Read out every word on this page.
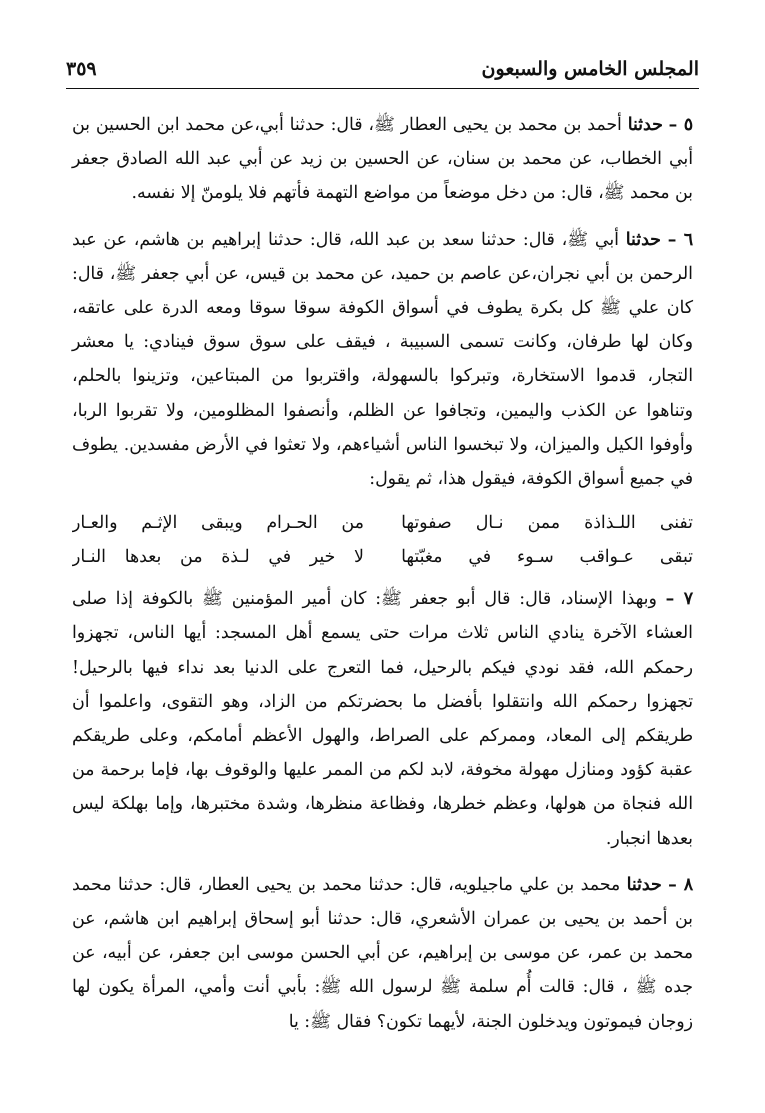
المجلس الخامس والسبعون
٣٥٩

٥ – حدثنا أحمد بن محمد بن يحيى العطار ﷺ، قال: حدثنا أبي،عن محمد ابن الحسين بن أبي الخطاب، عن محمد بن سنان، عن الحسين بن زيد عن أبي عبد الله الصادق جعفر بن محمد ﷺ، قال: من دخل موضعاً من مواضع التهمة فأتهم فلا يلومنّ إلا نفسه.

٦ – حدثنا أبي ﷺ، قال: حدثنا سعد بن عبد الله، قال: حدثنا إبراهيم بن هاشم، عن عبد الرحمن بن أبي نجران،عن عاصم بن حميد، عن محمد بن قيس، عن أبي جعفر ﷺ، قال: كان علي ﷺ كل بكرة يطوف في أسواق الكوفة سوقا سوقا ومعه الدرة على عاتقه، وكان لها طرفان، وكانت تسمى السبيبة ، فيقف على سوق سوق فينادي: يا معشر التجار، قدموا الاستخارة، وتبركوا بالسهولة، واقتربوا من المبتاعين، وتزينوا بالحلم، وتناهوا عن الكذب واليمين، وتجافوا عن الظلم، وأنصفوا المظلومين، ولا تقربوا الربا، وأوفوا الكيل والميزان، ولا تبخسوا الناس أشياءهم، ولا تعثوا في الأرض مفسدين. يطوف في جميع أسواق الكوفة، فيقول هذا، ثم يقول:

تفنى اللـذاذة ممن نـال صفوتها
من الحـرام ويبقى الإثـم والعـار
تبقى عـواقب سـوء في مغبّتها
لا خير في لـذة من بعدها النـار

٧ – وبهذا الإسناد، قال: قال أبو جعفر ﷺ: كان أمير المؤمنين ﷺ بالكوفة إذا صلى العشاء الآخرة ينادي الناس ثلاث مرات حتى يسمع أهل المسجد: أيها الناس، تجهزوا رحمكم الله، فقد نودي فيكم بالرحيل، فما التعرج على الدنيا بعد نداء فيها بالرحيل! تجهزوا رحمكم الله وانتقلوا بأفضل ما بحضرتكم من الزاد، وهو التقوى، واعلموا أن طريقكم إلى المعاد، وممركم على الصراط، والهول الأعظم أمامكم، وعلى طريقكم عقبة كؤود ومنازل مهولة مخوفة، لابد لكم من الممر عليها والوقوف بها، فإما برحمة من الله فنجاة من هولها، وعظم خطرها، وفظاعة منظرها، وشدة مختبرها، وإما بهلكة ليس بعدها انجبار.

٨ – حدثنا محمد بن علي ماجيلويه، قال: حدثنا محمد بن يحيى العطار، قال: حدثنا محمد بن أحمد بن يحيى بن عمران الأشعري، قال: حدثنا أبو إسحاق إبراهيم ابن هاشم، عن محمد بن عمر، عن موسى بن إبراهيم، عن أبي الحسن موسى ابن جعفر، عن أبيه، عن جده ﷺ ، قال: قالت أُم سلمة ﷺ لرسول الله ﷺ: بأبي أنت وأمي، المرأة يكون لها زوجان فيموتون ويدخلون الجنة، لأيهما تكون؟ فقال ﷺ: يا
